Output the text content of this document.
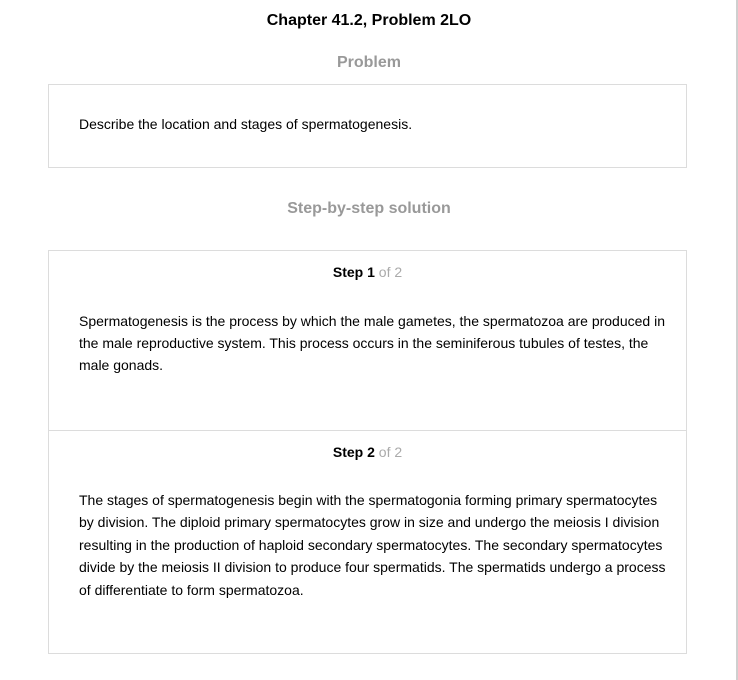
Chapter 41.2, Problem 2LO
Problem
Describe the location and stages of spermatogenesis.
Step-by-step solution
Step 1 of 2
Spermatogenesis is the process by which the male gametes, the spermatozoa are produced in the male reproductive system. This process occurs in the seminiferous tubules of testes, the male gonads.
Step 2 of 2
The stages of spermatogenesis begin with the spermatogonia forming primary spermatocytes by division. The diploid primary spermatocytes grow in size and undergo the meiosis I division resulting in the production of haploid secondary spermatocytes. The secondary spermatocytes divide by the meiosis II division to produce four spermatids. The spermatids undergo a process of differentiate to form spermatozoa.
